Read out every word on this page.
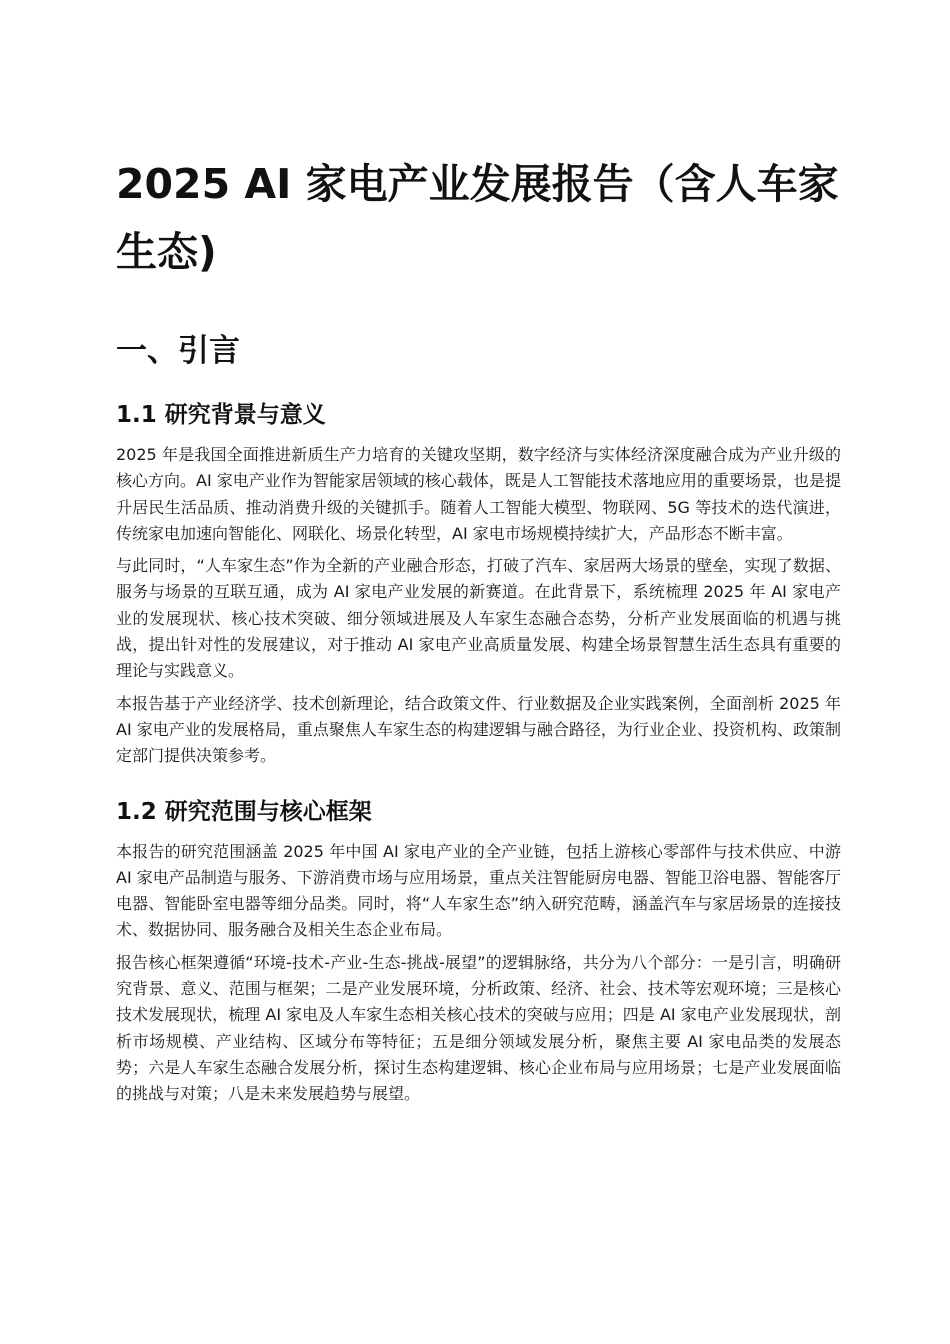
2025 AI 家电产业发展报告（含人车家生态)
一、引言
1.1 研究背景与意义

2025 年是我国全面推进新质生产力培育的关键攻坚期，数字经济与实体经济深度融合成为产业升级的核心方向。AI 家电产业作为智能家居领域的核心载体，既是人工智能技术落地应用的重要场景，也是提升居民生活品质、推动消费升级的关键抓手。随着人工智能大模型、物联网、5G 等技术的迭代演进，传统家电加速向智能化、网联化、场景化转型，AI 家电市场规模持续扩大，产品形态不断丰富。

与此同时，“人车家生态”作为全新的产业融合形态，打破了汽车、家居两大场景的壁垒，实现了数据、服务与场景的互联互通，成为 AI 家电产业发展的新赛道。在此背景下，系统梳理 2025 年 AI 家电产业的发展现状、核心技术突破、细分领域进展及人车家生态融合态势，分析产业发展面临的机遇与挑战，提出针对性的发展建议，对于推动 AI 家电产业高质量发展、构建全场景智慧生活生态具有重要的理论与实践意义。

本报告基于产业经济学、技术创新理论，结合政策文件、行业数据及企业实践案例，全面剖析 2025 年 AI 家电产业的发展格局，重点聚焦人车家生态的构建逻辑与融合路径，为行业企业、投资机构、政策制定部门提供决策参考。

1.2 研究范围与核心框架

本报告的研究范围涵盖 2025 年中国 AI 家电产业的全产业链，包括上游核心零部件与技术供应、中游 AI 家电产品制造与服务、下游消费市场与应用场景，重点关注智能厨房电器、智能卫浴电器、智能客厅电器、智能卧室电器等细分品类。同时，将“人车家生态”纳入研究范畴，涵盖汽车与家居场景的连接技术、数据协同、服务融合及相关生态企业布局。

报告核心框架遵循“环境-技术-产业-生态-挑战-展望”的逻辑脉络，共分为八个部分：一是引言，明确研究背景、意义、范围与框架；二是产业发展环境，分析政策、经济、社会、技术等宏观环境；三是核心技术发展现状，梳理 AI 家电及人车家生态相关核心技术的突破与应用；四是 AI 家电产业发展现状，剖析市场规模、产业结构、区域分布等特征；五是细分领域发展分析，聚焦主要 AI 家电品类的发展态势；六是人车家生态融合发展分析，探讨生态构建逻辑、核心企业布局与应用场景；七是产业发展面临的挑战与对策；八是未来发展趋势与展望。
